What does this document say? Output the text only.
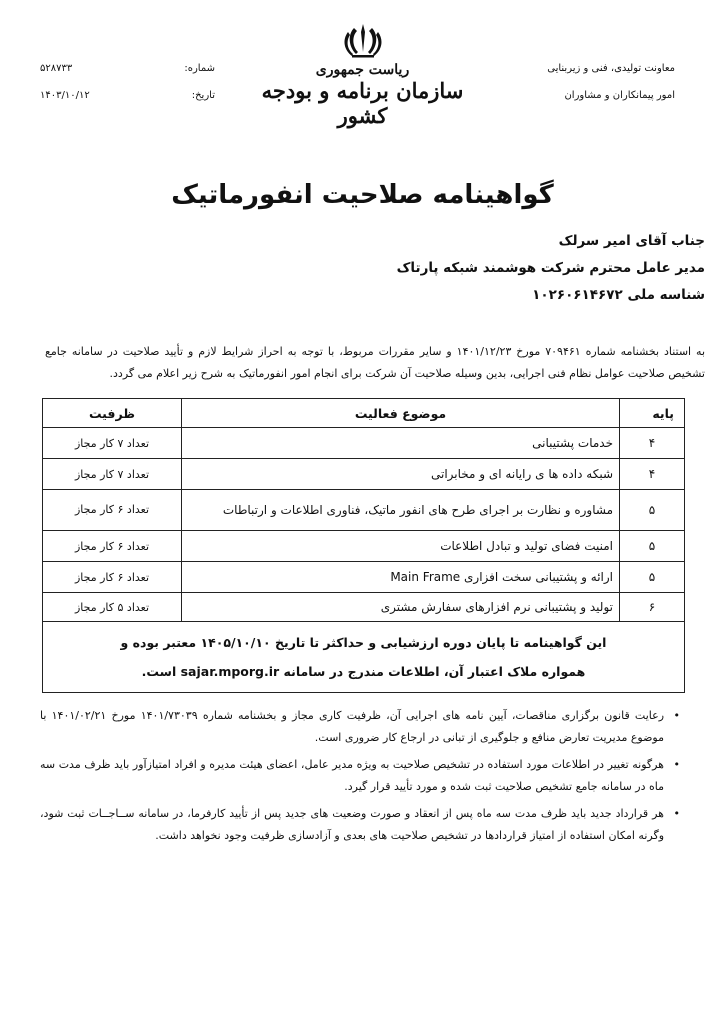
معاونت تولیدی، فنی و زیربنایی
امور پیمانکاران و مشاوران
ریاست جمهوری
سازمان برنامه و بودجه کشور
شماره:
۵۲۸۷۳۳
تاریخ:
۱۴۰۳/۱۰/۱۲
گواهینامه صلاحیت انفورماتیک
جناب آقای امیر سرلک
مدیر عامل محترم شرکت هوشمند شبکه پارتاک
شناسه ملی ۱۰۲۶۰۶۱۴۶۷۲
به استناد بخشنامه شماره ۷۰۹۴۶۱ مورخ ۱۴۰۱/۱۲/۲۳ و سایر مقررات مربوط، با توجه به احراز شرایط لازم و تأیید صلاحیت در سامانه جامع تشخیص صلاحیت عوامل نظام فنی اجرایی، بدین وسیله صلاحیت آن شرکت برای انجام امور انفورماتیک به شرح زیر اعلام می گردد.
پایه	موضوع فعالیت	ظرفیت
۴	خدمات پشتیبانی	تعداد ۷ کار مجاز
۴	شبکه داده ها ی رایانه ای و مخابراتی	تعداد ۷ کار مجاز
۵	مشاوره و نظارت بر اجرای طرح های انفور ماتیک، فناوری اطلاعات و ارتباطات	تعداد ۶ کار مجاز
۵	امنیت فضای تولید و تبادل اطلاعات	تعداد ۶ کار مجاز
۵	ارائه و پشتیبانی سخت افزاری Main Frame	تعداد ۶ کار مجاز
۶	تولید و پشتیبانی نرم افزارهای سفارش مشتری	تعداد ۵ کار مجاز

این گواهینامه تا پایان دوره ارزشیابی و حداکثر تا تاریخ ۱۴۰۵/۱۰/۱۰ معتبر بوده و
همواره ملاک اعتبار آن، اطلاعات مندرج در سامانه sajar.mporg.ir است.		
•
رعایت قانون برگزاری مناقصات، آیین نامه های اجرایی آن، ظرفیت کاری مجاز و بخشنامه شماره ۱۴۰۱/۷۳۰۳۹ مورخ ۱۴۰۱/۰۲/۲۱ با موضوع مدیریت تعارض منافع و جلوگیری از تبانی در ارجاع کار ضروری است.
•
هرگونه تغییر در اطلاعات مورد استفاده در تشخیص صلاحیت به ویژه مدیر عامل، اعضای هیئت مدیره و افراد امتیازآور باید ظرف مدت سه ماه در سامانه جامع تشخیص صلاحیت ثبت شده و مورد تأیید قرار گیرد.
•
هر قرارداد جدید باید ظرف مدت سه ماه پس از انعقاد و صورت وضعیت های جدید پس از تأیید کارفرما، در سامانه ســاجــات ثبت شود، وگرنه امکان استفاده از امتیاز قراردادها در تشخیص صلاحیت های بعدی و آزادسازی ظرفیت وجود نخواهد داشت.
